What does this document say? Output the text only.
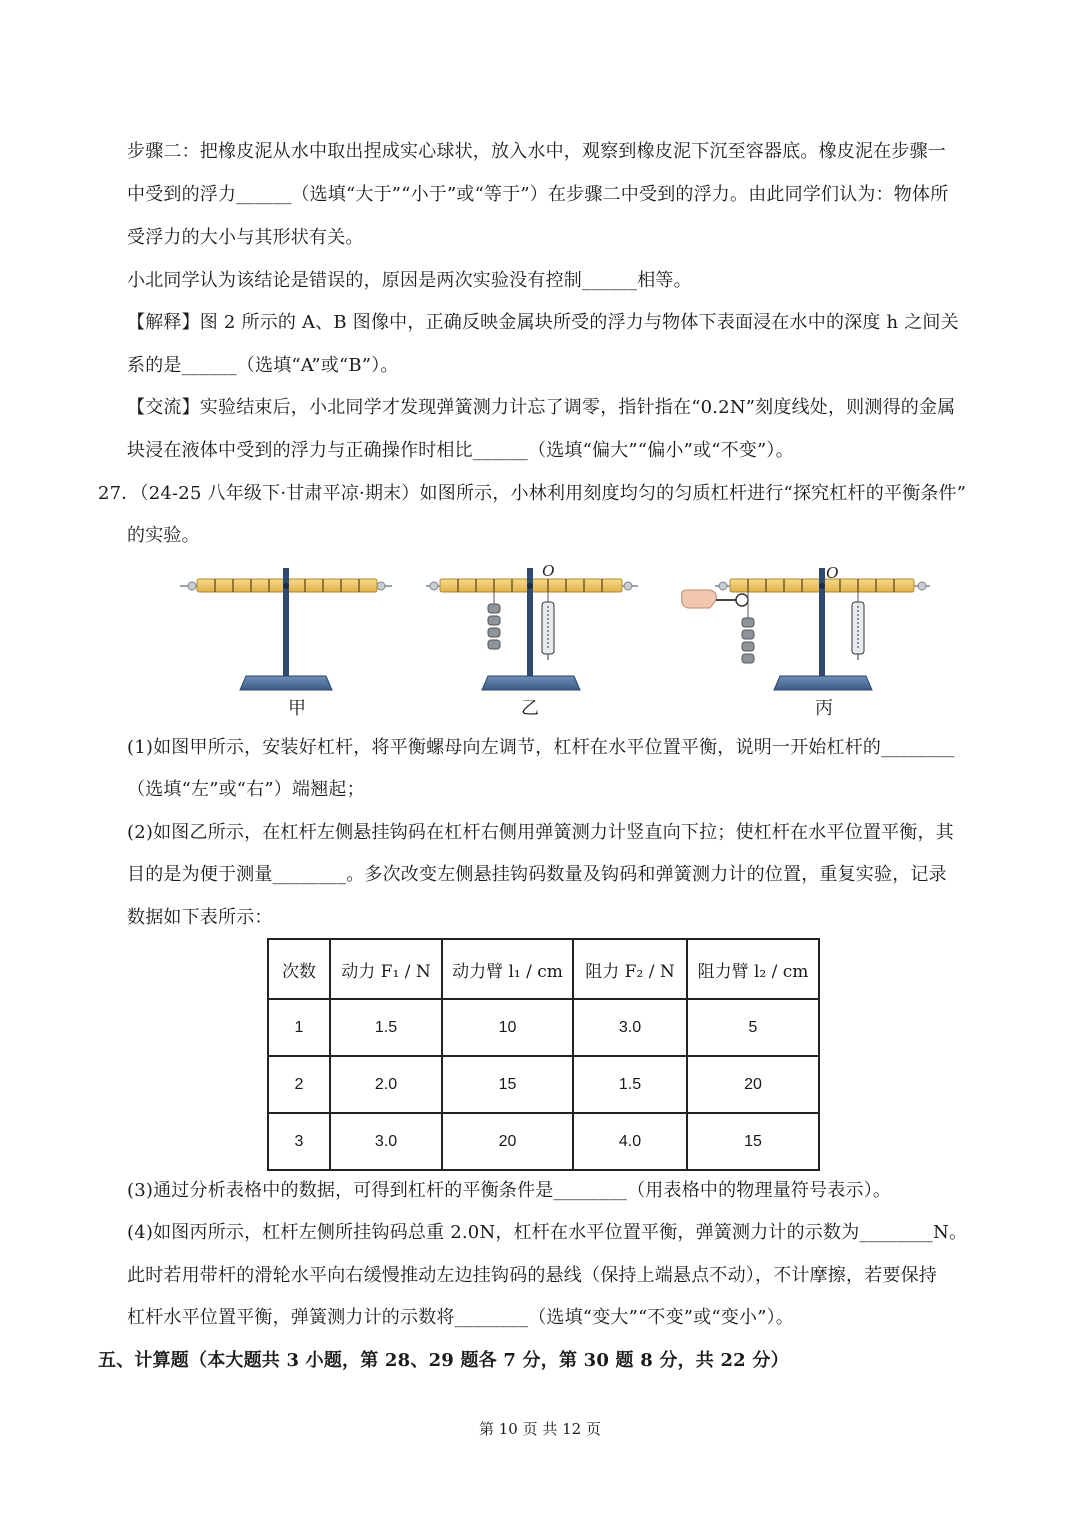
步骤二：把橡皮泥从水中取出捏成实心球状，放入水中，观察到橡皮泥下沉至容器底。橡皮泥在步骤一
中受到的浮力______（选填“大于”“小于”或“等于”）在步骤二中受到的浮力。由此同学们认为：物体所
受浮力的大小与其形状有关。
小北同学认为该结论是错误的，原因是两次实验没有控制______相等。
【解释】图 2 所示的 A、B 图像中，正确反映金属块所受的浮力与物体下表面浸在水中的深度 h 之间关
系的是______（选填“A”或“B”）。
【交流】实验结束后，小北同学才发现弹簧测力计忘了调零，指针指在“0.2N”刻度线处，则测得的金属
块浸在液体中受到的浮力与正确操作时相比______（选填“偏大”“偏小”或“不变”）。
27．（24-25 八年级下·甘肃平凉·期末）如图所示，小林利用刻度均匀的匀质杠杆进行“探究杠杆的平衡条件”
的实验。
O	O
甲	乙	丙
(1)如图甲所示，安装好杠杆，将平衡螺母向左调节，杠杆在水平位置平衡，说明一开始杠杆的________
（选填“左”或“右”）端翘起；
(2)如图乙所示，在杠杆左侧悬挂钩码在杠杆右侧用弹簧测力计竖直向下拉；使杠杆在水平位置平衡，其
目的是为便于测量________。多次改变左侧悬挂钩码数量及钩码和弹簧测力计的位置，重复实验，记录
数据如下表所示：
次数	动力 F₁ / N	动力臂 l₁ / cm	阻力 F₂ / N	阻力臂 l₂ / cm
1	1.5	10	3.0	5
2	2.0	15	1.5	20
3	3.0	20	4.0	15
(3)通过分析表格中的数据，可得到杠杆的平衡条件是________（用表格中的物理量符号表示）。
(4)如图丙所示，杠杆左侧所挂钩码总重 2.0N，杠杆在水平位置平衡，弹簧测力计的示数为________N。
此时若用带杆的滑轮水平向右缓慢推动左边挂钩码的悬线（保持上端悬点不动），不计摩擦，若要保持
杠杆水平位置平衡，弹簧测力计的示数将________（选填“变大”“不变”或“变小”）。
五、计算题（本大题共 3 小题，第 28、29 题各 7 分，第 30 题 8 分，共 22 分）
第 10 页 共 12 页
